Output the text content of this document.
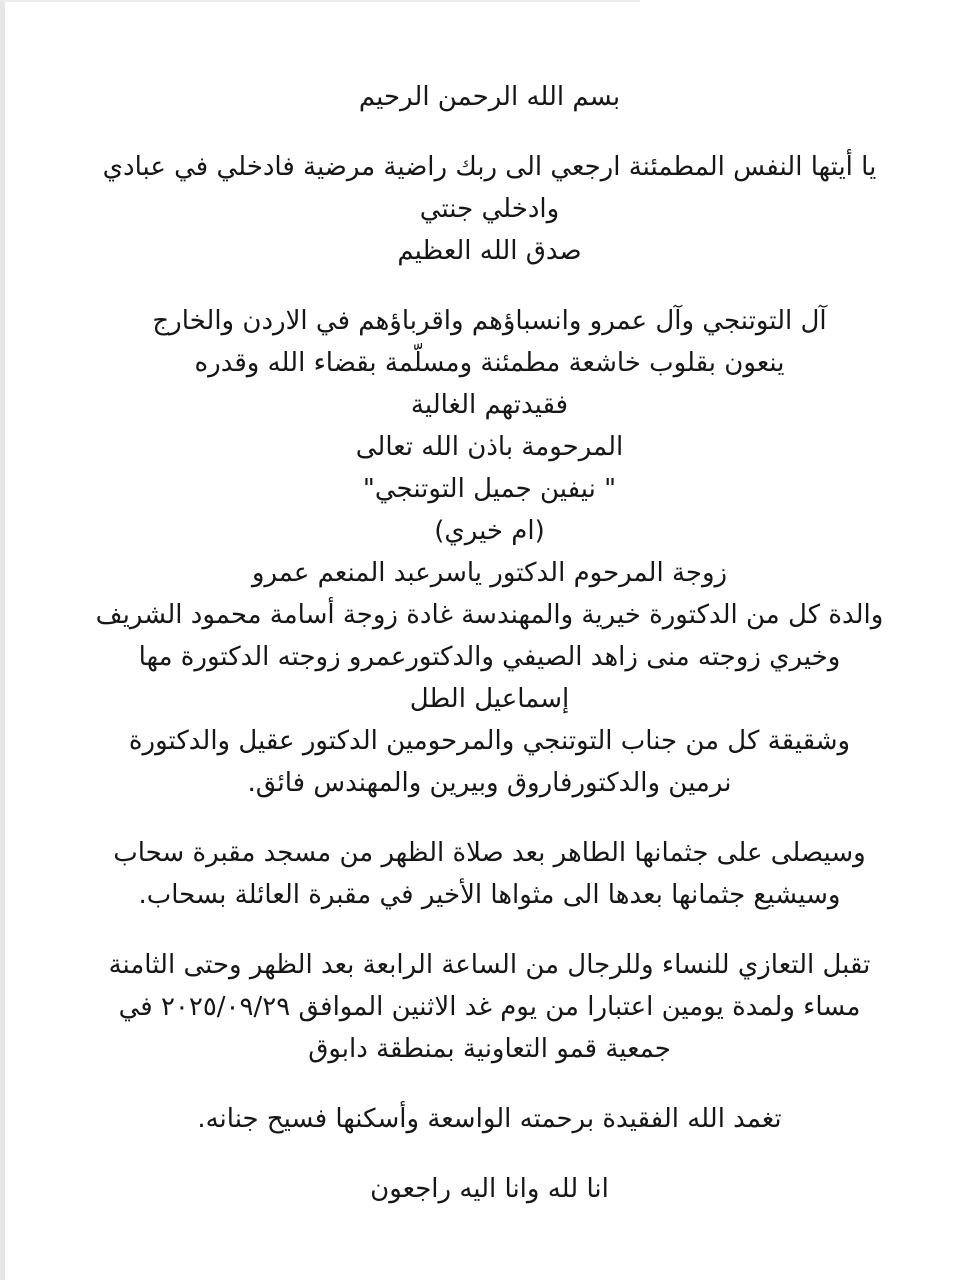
بسم الله الرحمن الرحيم

يا أيتها النفس المطمئنة ارجعي الى ربك راضية مرضية فادخلي في عبادي

وادخلي جنتي

صدق الله العظيم

آل التوتنجي وآل عمرو وانسباؤهم واقرباؤهم في الاردن والخارج

ينعون بقلوب خاشعة مطمئنة ومسلّمة بقضاء الله وقدره

فقيدتهم الغالية

المرحومة باذن الله تعالى

" نيفين جميل التوتنجي"

(ام خيري)

زوجة المرحوم الدكتور ياسرعبد المنعم عمرو

والدة كل من الدكتورة خيرية والمهندسة غادة زوجة أسامة محمود الشريف

وخيري زوجته منى زاهد الصيفي والدكتورعمرو زوجته الدكتورة مها

إسماعيل الطل

وشقيقة كل من جناب التوتنجي والمرحومين الدكتور عقيل والدكتورة

نرمين والدكتورفاروق وبيرين والمهندس فائق.

وسيصلى على جثمانها الطاهر بعد صلاة الظهر من مسجد مقبرة سحاب

وسيشيع جثمانها بعدها الى مثواها الأخير في مقبرة العائلة بسحاب.

تقبل التعازي للنساء وللرجال من الساعة الرابعة بعد الظهر وحتى الثامنة

مساء ولمدة يومين اعتبارا من يوم غد الاثنين الموافق ٢٠٢٥/٠٩/٢٩ في

جمعية قمو التعاونية بمنطقة دابوق

تغمد الله الفقيدة برحمته الواسعة وأسكنها فسيح جنانه.

انا لله وانا اليه راجعون
